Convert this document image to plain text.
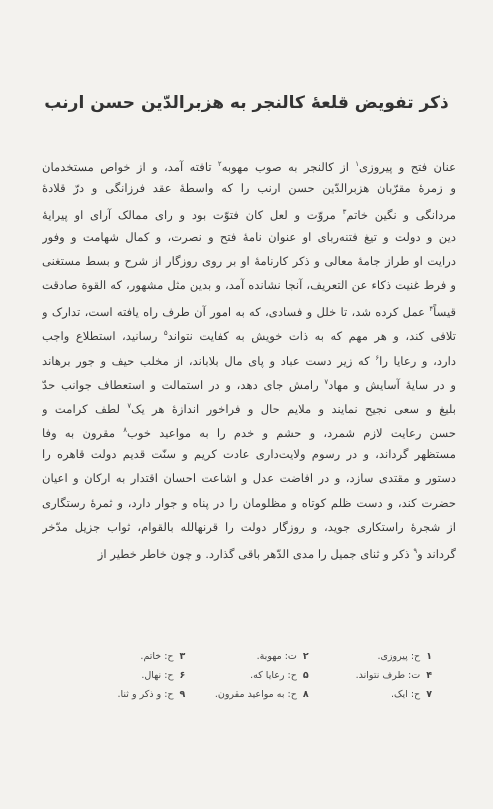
ذکر تفویض قلعهٔ کالنجر به هزبرالدّین حسن ارنب
عنان فتح و پیروزی$^۱$ از کالنجر به صوب مهوبه$^۲$ تافته آمد، و از خواص مستخدمان
و زمرهٔ مقرّبان هزبرالدّین حسن ارنب را که واسطهٔ عقد فرزانگی و درّ قلادهٔ
مردانگی و نگین خاتم$^۳$ مروّت و لعل کان فتوّت بود و رای ممالک آرای او پیرایهٔ
دین و دولت و تیغ فتنه‌ربای او عنوان نامهٔ فتح و نصرت، و کمال شهامت و وفور
درایت او طراز جامهٔ معالی و ذکر کارنامهٔ او بر روی روزگار از شرح و بسط مستغنی
و فرط غنیت ذکاء عن التعریف، آنجا نشانده آمد، و بدین مثل مشهور، که القوة صادقت
قیساً$^۴$ عمل کرده شد، تا خلل و فسادی، که به امور آن طرف راه یافته است، تدارک و
تلافی کند، و هر مهم که به ذات خویش به کفایت نتواند$^۵$ رسانید، استطلاع واجب
دارد، و رعایا را$^۶$ که زیر دست عباد و پای مال بلاباند، از مخلب حیف و جور برهاند
و در سایهٔ آسایش و مهاد$^۷$ رامش جای دهد، و در استمالت و استعطاف جوانب حدّ
بلیغ و سعی نجیح نمایند و ملایم حال و فراخور اندازهٔ هر یک$^۷$ لطف کرامت و
حسن رعایت لازم شمرد، و حشم و خدم را به مواعید خوب$^۸$ مقرون به وفا
مستظهر گرداند، و در رسوم ولایت‌داری عادت کریم و سنّت قدیم دولت قاهره را
دستور و مقتدی سازد، و در افاضت عدل و اشاعت احسان اقتدار به ارکان و اعیان
حضرت کند، و دست ظلم کوتاه و مظلومان را در پناه و جوار دارد، و ثمرهٔ رستگاری
از شجرهٔ راستکاری جوید، و روزگار دولت را قرنهالله بالقوام، ثواب جزیل مدّخر
گرداند و$^۹$ ذکر و ثنای جمیل را مدی الدّهر باقی گذارد. و چون خاطر خطیر از
۱
ح: پیروزی.
۲
ت: مهوبة.
۳
ح: خاتم.
۴
ت: طرف نتواند.
۵
ح: رعایا که.
۶
ح: نهال.
۷
ح: ایک.
۸
ح: به مواعید مقرون.
۹
ح: و ذکر و ثنا.
